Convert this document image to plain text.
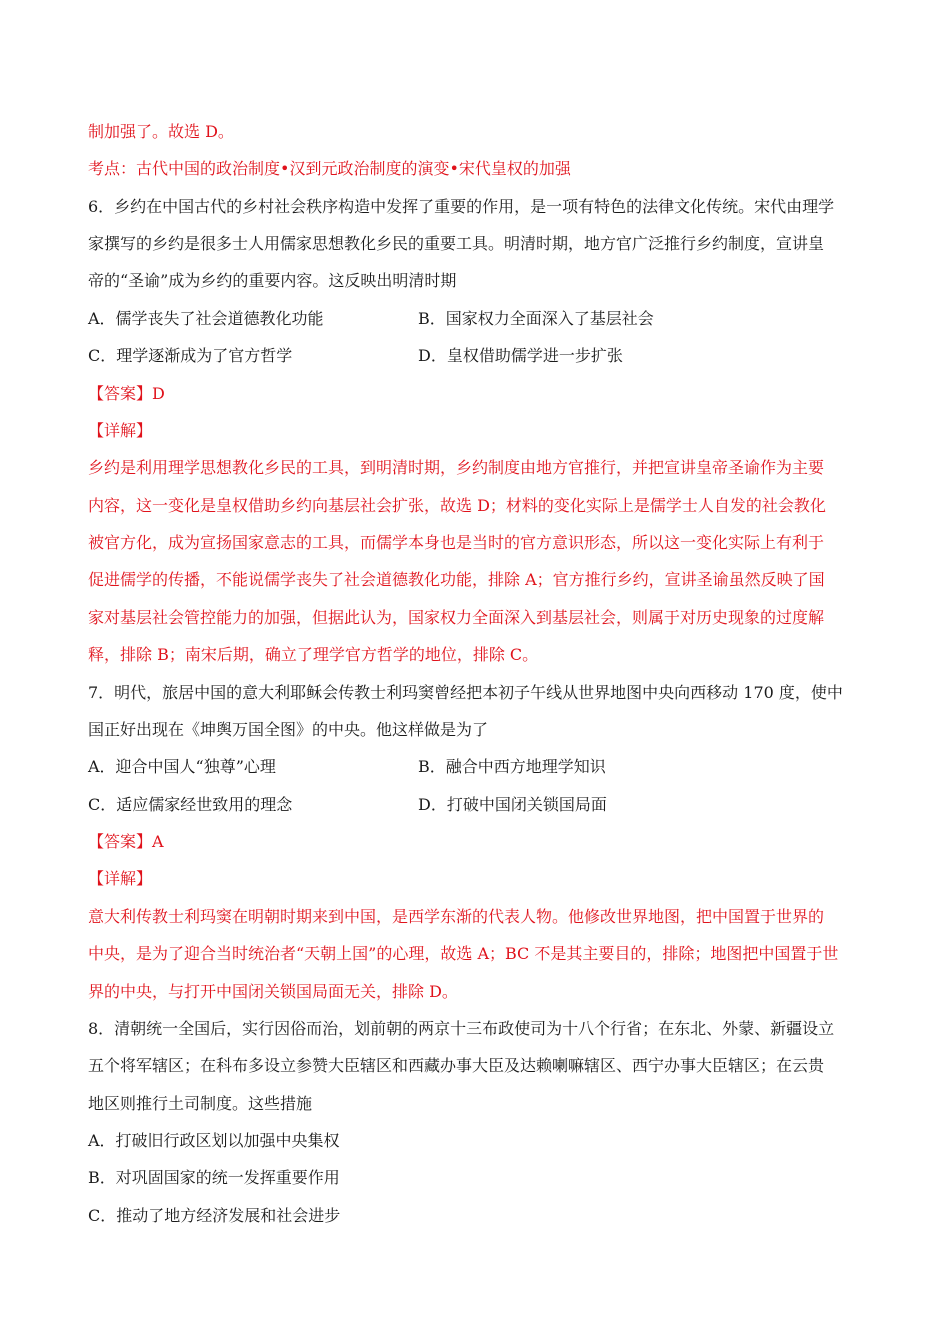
制加强了。故选 D。
考点：古代中国的政治制度•汉到元政治制度的演变•宋代皇权的加强
6．乡约在中国古代的乡村社会秩序构造中发挥了重要的作用，是一项有特色的法律文化传统。宋代由理学
家撰写的乡约是很多士人用儒家思想教化乡民的重要工具。明清时期，地方官广泛推行乡约制度，宣讲皇
帝的“圣谕”成为乡约的重要内容。这反映出明清时期
A．儒学丧失了社会道德教化功能	B．国家权力全面深入了基层社会
C．理学逐渐成为了官方哲学	D．皇权借助儒学进一步扩张
【答案】D
【详解】
乡约是利用理学思想教化乡民的工具，到明清时期，乡约制度由地方官推行，并把宣讲皇帝圣谕作为主要
内容，这一变化是皇权借助乡约向基层社会扩张，故选 D；材料的变化实际上是儒学士人自发的社会教化
被官方化，成为宣扬国家意志的工具，而儒学本身也是当时的官方意识形态，所以这一变化实际上有利于
促进儒学的传播，不能说儒学丧失了社会道德教化功能，排除 A；官方推行乡约，宣讲圣谕虽然反映了国
家对基层社会管控能力的加强，但据此认为，国家权力全面深入到基层社会，则属于对历史现象的过度解
释，排除 B；南宋后期，确立了理学官方哲学的地位，排除 C。
7．明代，旅居中国的意大利耶稣会传教士利玛窦曾经把本初子午线从世界地图中央向西移动 170 度，使中
国正好出现在《坤舆万国全图》的中央。他这样做是为了
A．迎合中国人“独尊”心理	B．融合中西方地理学知识
C．适应儒家经世致用的理念	D．打破中国闭关锁国局面
【答案】A
【详解】
意大利传教士利玛窦在明朝时期来到中国，是西学东渐的代表人物。他修改世界地图，把中国置于世界的
中央，是为了迎合当时统治者“天朝上国”的心理，故选 A；BC 不是其主要目的，排除；地图把中国置于世
界的中央，与打开中国闭关锁国局面无关，排除 D。
8．清朝统一全国后，实行因俗而治，划前朝的两京十三布政使司为十八个行省；在东北、外蒙、新疆设立
五个将军辖区；在科布多设立参赞大臣辖区和西藏办事大臣及达赖喇嘛辖区、西宁办事大臣辖区；在云贵
地区则推行土司制度。这些措施
A．打破旧行政区划以加强中央集权
B．对巩固国家的统一发挥重要作用
C．推动了地方经济发展和社会进步
